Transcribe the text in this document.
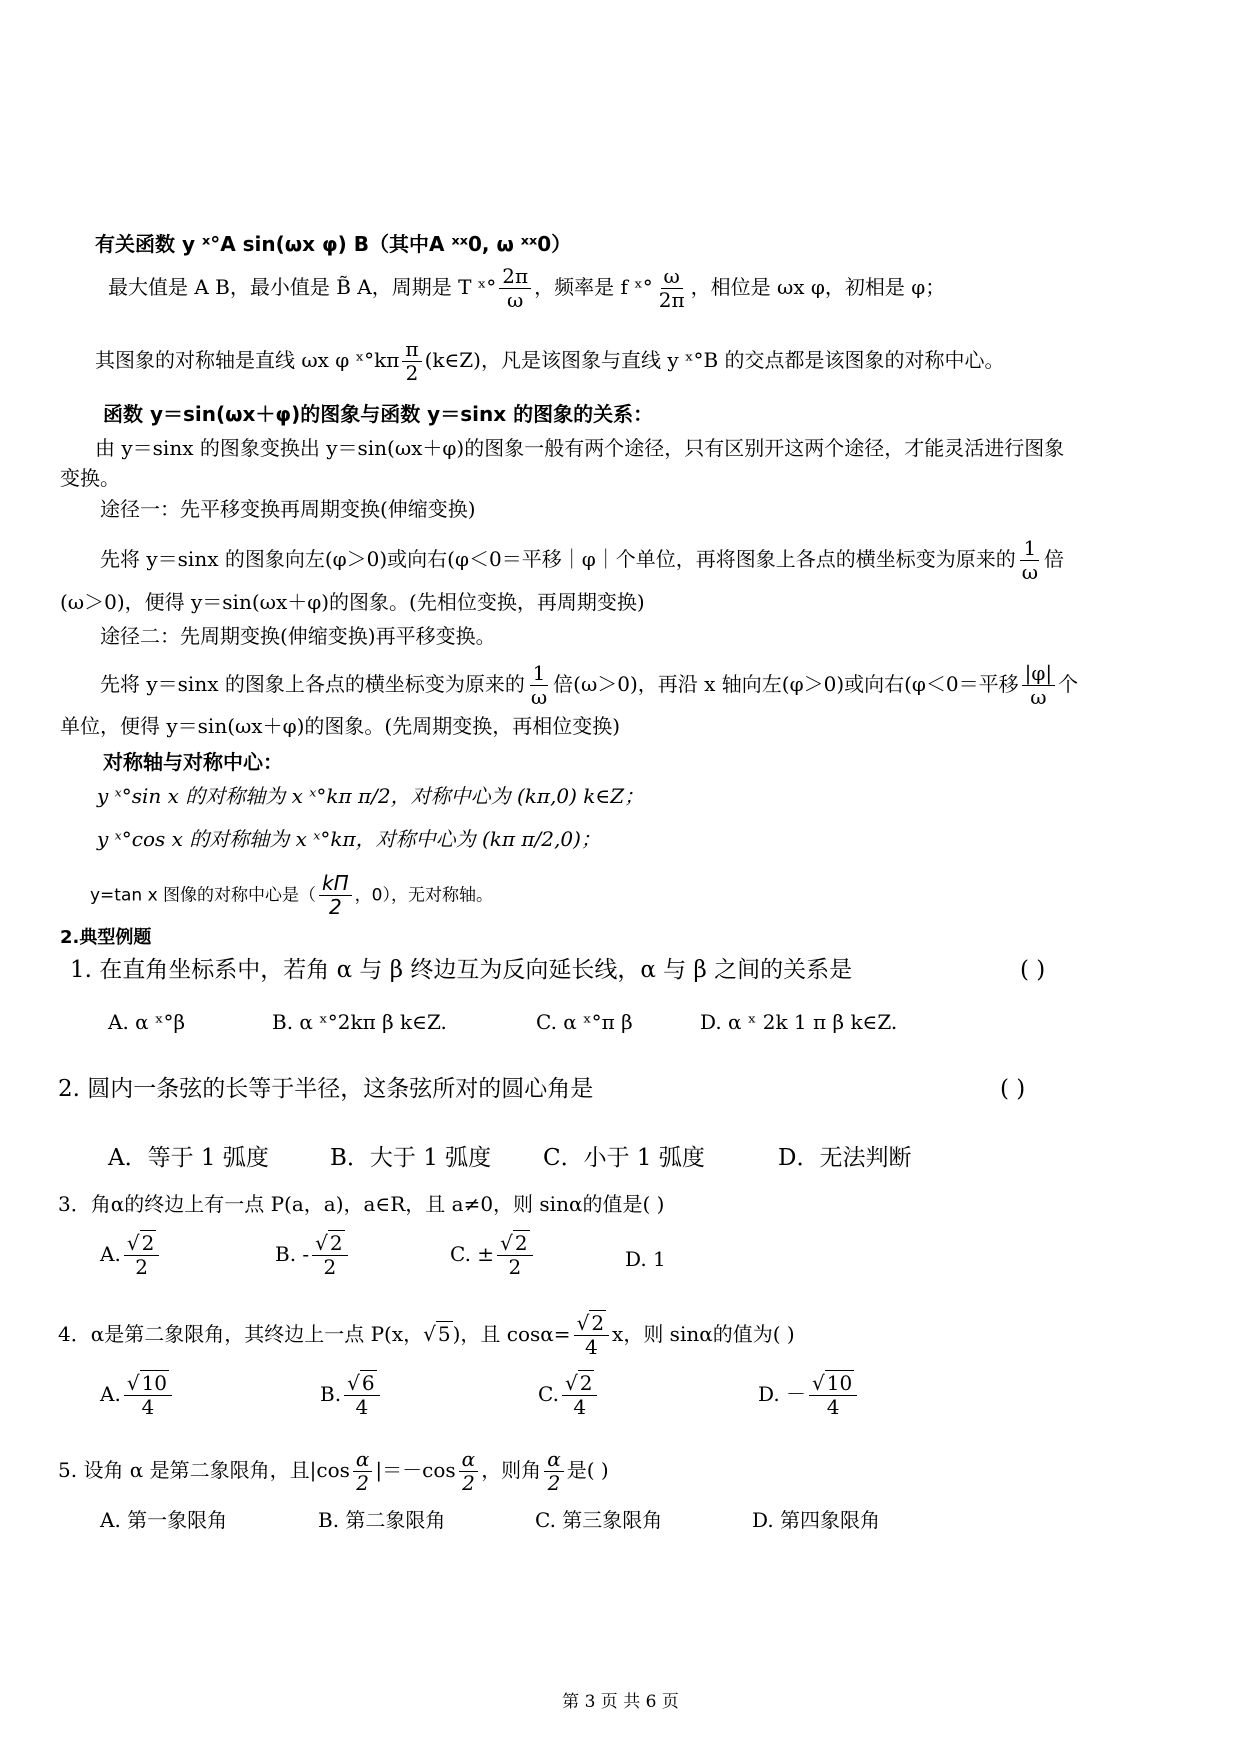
有关函数 y ˣ°A sin(ωx φ) B（其中A ˣˣ0, ω ˣˣ0）
最大值是 A B，最小值是 B̃ A，周期是 T ˣ° $\frac{2\pi}{\omega}$ ，频率是 f ˣ° $\frac{\omega}{2\pi}$ ，相位是 ωx φ，初相是 φ；
其图象的对称轴是直线 ωx φ ˣ°kπ $\frac{\pi}{2}$ (k∈Z)，凡是该图象与直线 y ˣ°B 的交点都是该图象的对称中心。
函数 y＝sin(ωx＋φ)的图象与函数 y＝sinx 的图象的关系：
由 y＝sinx 的图象变换出 y＝sin(ωx＋φ)的图象一般有两个途径，只有区别开这两个途径，才能灵活进行图象
变换。
途径一：先平移变换再周期变换(伸缩变换)
先将 y＝sinx 的图象向左(φ＞0)或向右(φ＜0＝平移｜φ｜个单位，再将图象上各点的横坐标变为原来的 $\frac{1}{\omega}$ 倍
(ω＞0)，便得 y＝sin(ωx＋φ)的图象。(先相位变换，再周期变换)
途径二：先周期变换(伸缩变换)再平移变换。
先将 y＝sinx 的图象上各点的横坐标变为原来的 $\frac{1}{\omega}$ 倍(ω＞0)，再沿 x 轴向左(φ＞0)或向右(φ＜0＝平移 $\frac{|\varphi|}{\omega}$ 个
单位，便得 y＝sin(ωx＋φ)的图象。(先周期变换，再相位变换)
对称轴与对称中心：
y ˣ°sin x 的对称轴为 x ˣ°kπ π/2，对称中心为 (kπ,0) k∈Z；
y ˣ°cos x 的对称轴为 x ˣ°kπ，对称中心为 (kπ π/2,0)；
y=tan x 图像的对称中心是（ $\frac{k\Pi}{2}$ ，0），无对称轴。
2.典型例题
1. 在直角坐标系中，若角 α 与 β 终边互为反向延长线，α 与 β 之间的关系是	( )
A. α ˣ°β	B. α ˣ°2kπ β k∈Z.	C. α ˣ°π β	D. α ˣ 2k 1 π β k∈Z.
2. 圆内一条弦的长等于半径，这条弦所对的圆心角是	( )
A．等于 1 弧度	B．大于 1 弧度 C．小于 1 弧度	D．无法判断
3．角α的终边上有一点 P(a，a)，a∈R，且 a≠0，则 sinα的值是( )
A. $\frac{√ 2}{2}$	B. - $\frac{√ 2}{2}$	C. ± $\frac{√ 2}{2}$	D. 1
4．α是第二象限角，其终边上一点 P(x，√ 5 )，且 $\cos\alpha= \frac{√ 2}{4}$ x，则 sinα的值为( )
A. $\frac{√ 10}{4}$	B. $\frac{√ 6}{4}$	C. $\frac{√ 2}{4}$	D. － $\frac{√ 10}{4}$
5. 设角 α 是第二象限角，且$|\cos \frac{\alpha}{2} |=-\cos \frac{\alpha}{2}$ ，则角 $\frac{\alpha}{2}$ 是( )
A. 第一象限角	B. 第二象限角	C. 第三象限角	D. 第四象限角
第 3 页 共 6 页
